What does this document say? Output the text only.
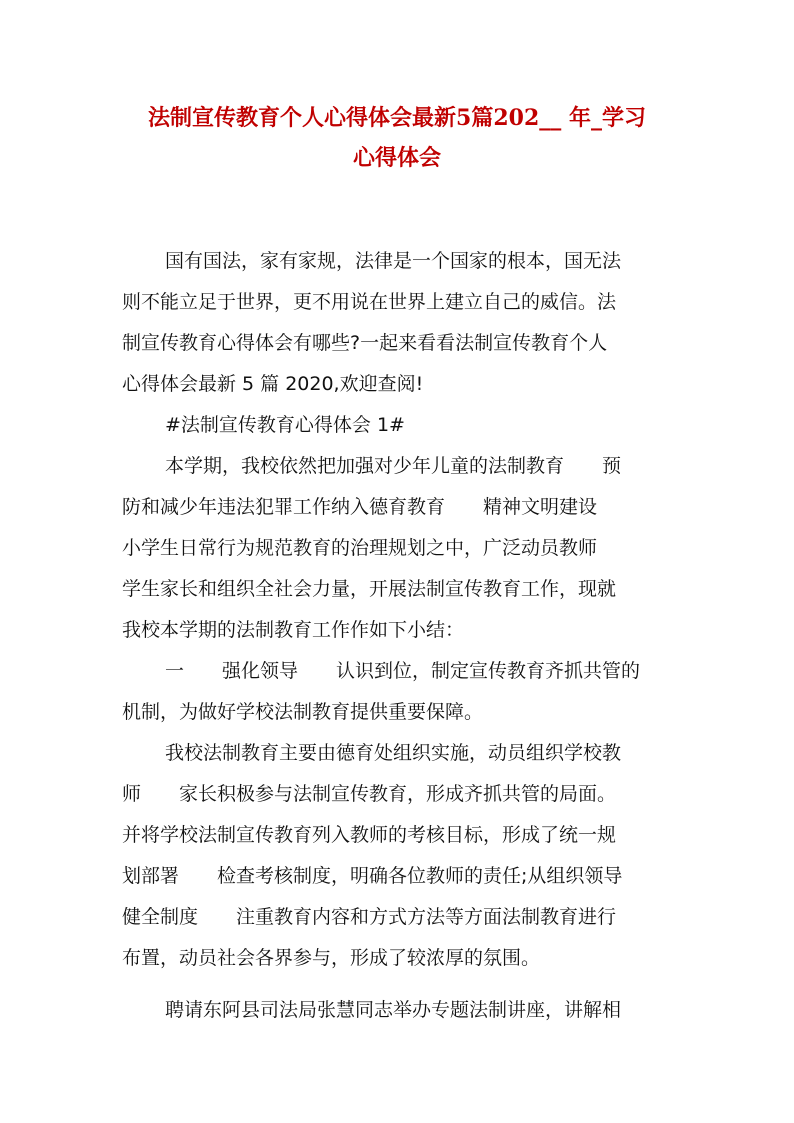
法制宣传教育个人心得体会最新5篇202__ 年_学习
心得体会
国有国法，家有家规，法律是一个国家的根本，国无法
则不能立足于世界，更不用说在世界上建立自己的威信。法
制宣传教育心得体会有哪些?一起来看看法制宣传教育个人
心得体会最新 5 篇 2020,欢迎查阅!
#法制宣传教育心得体会 1#
本学期，我校依然把加强对少年儿童的法制教育　　预
防和减少年违法犯罪工作纳入德育教育　　精神文明建设
小学生日常行为规范教育的治理规划之中，广泛动员教师
学生家长和组织全社会力量，开展法制宣传教育工作，现就
我校本学期的法制教育工作作如下小结：
一　　强化领导　　认识到位，制定宣传教育齐抓共管的
机制，为做好学校法制教育提供重要保障。
我校法制教育主要由德育处组织实施，动员组织学校教
师　　家长积极参与法制宣传教育，形成齐抓共管的局面。
并将学校法制宣传教育列入教师的考核目标，形成了统一规
划部署　　检查考核制度，明确各位教师的责任;从组织领导
健全制度　　注重教育内容和方式方法等方面法制教育进行
布置，动员社会各界参与，形成了较浓厚的氛围。
聘请东阿县司法局张慧同志举办专题法制讲座，讲解相
